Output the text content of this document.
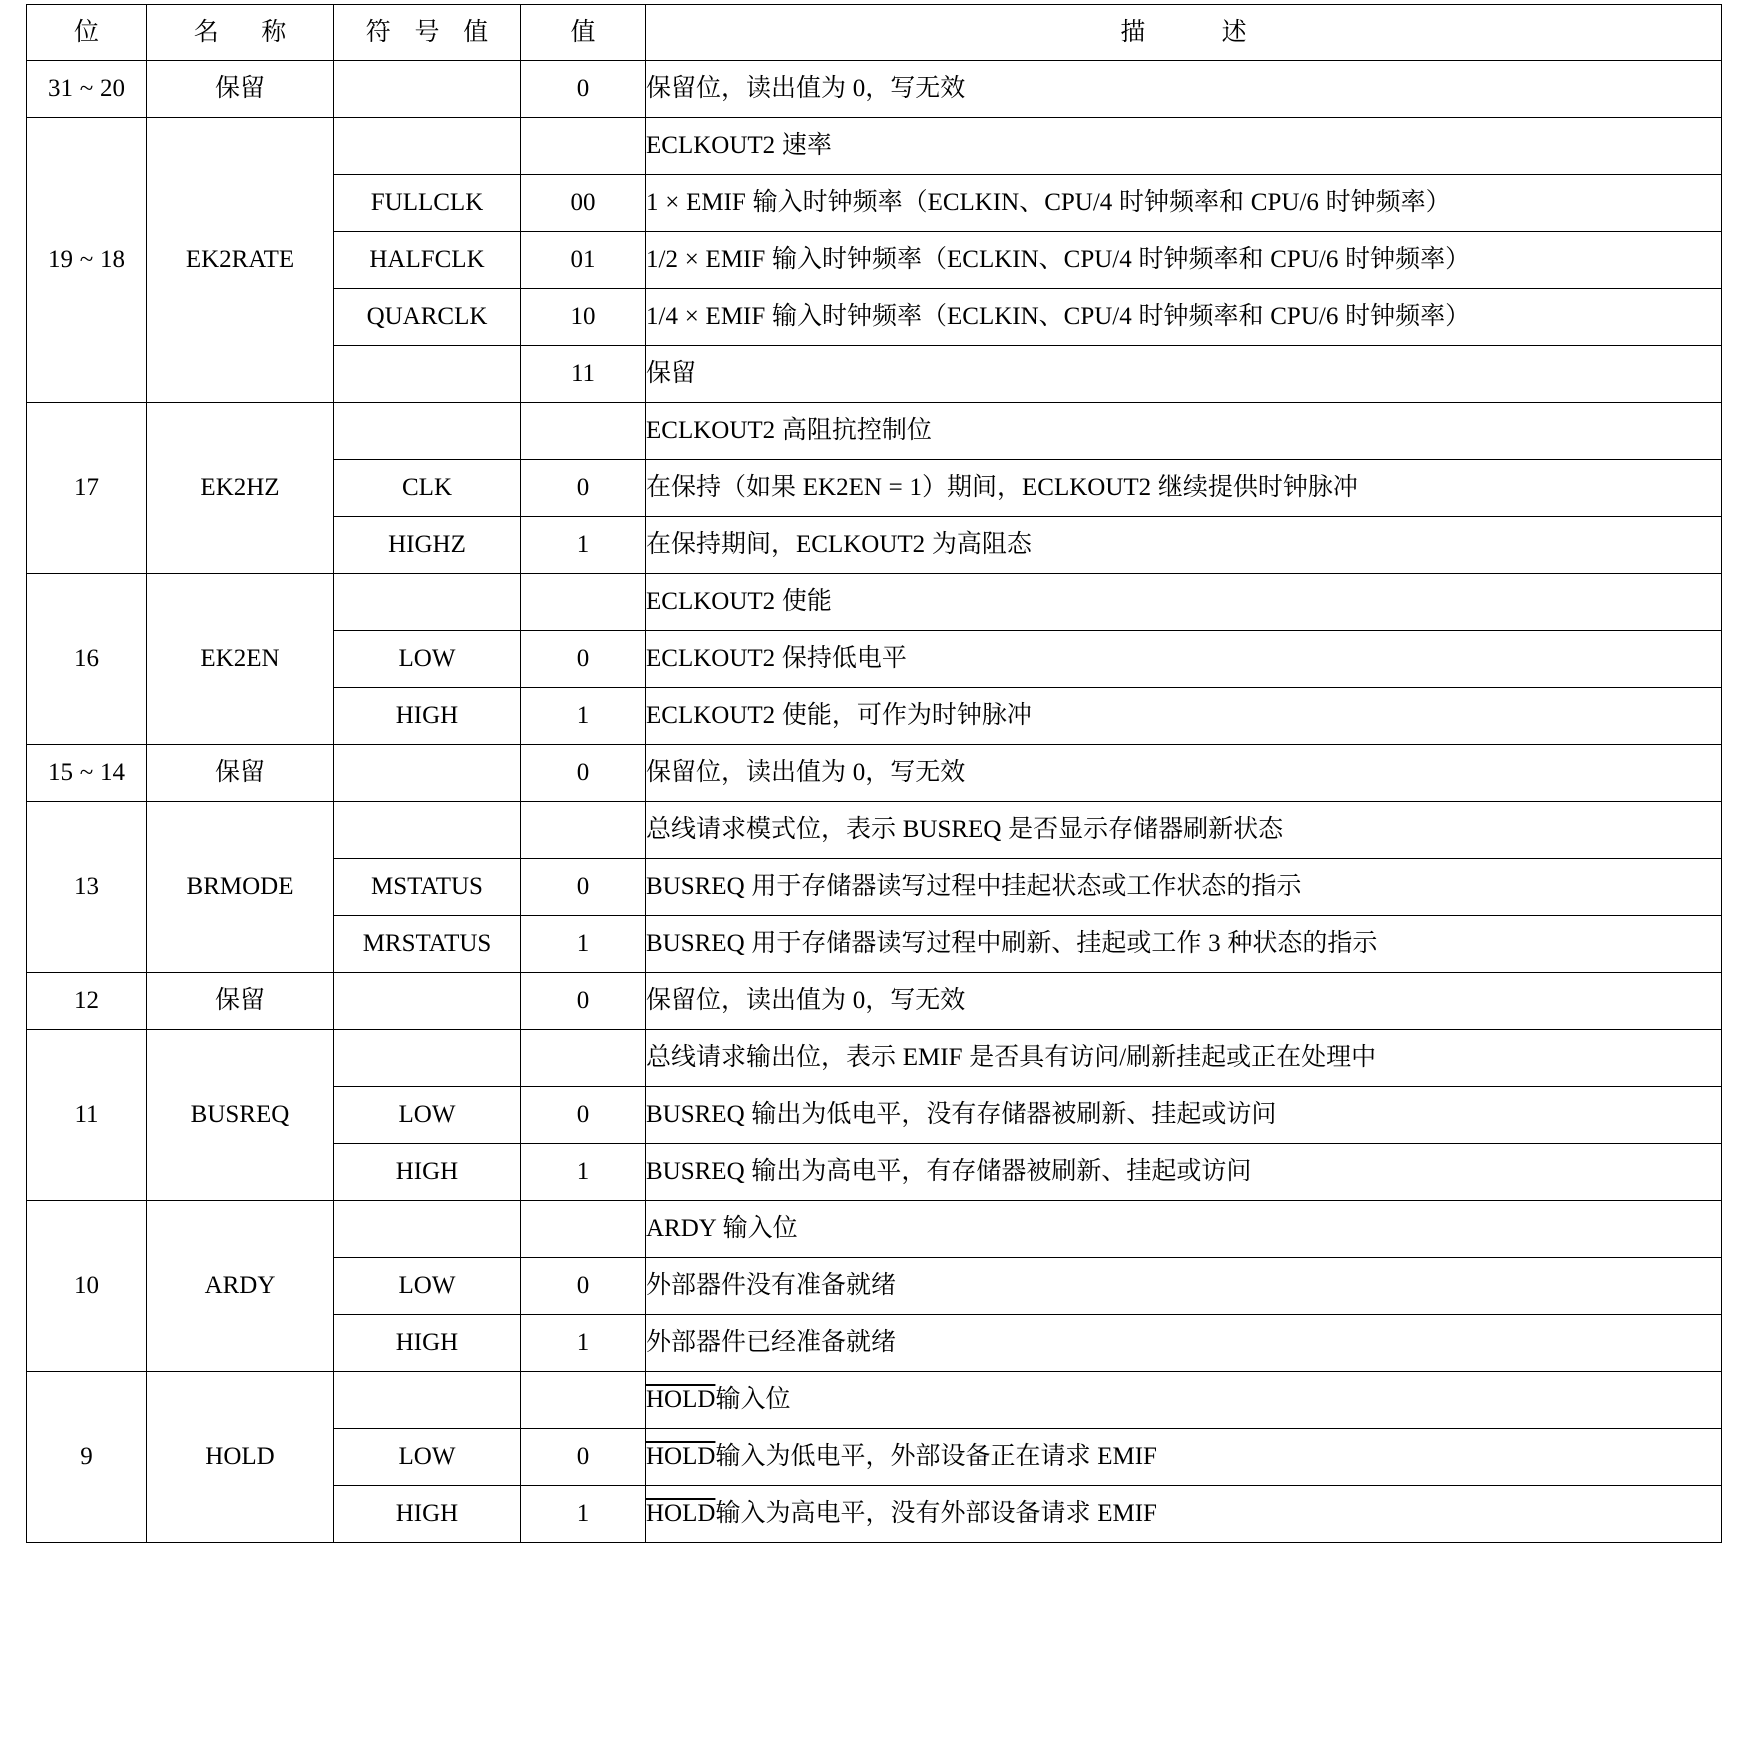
位	名　称	符 号 值	值	描　　述
31 ~ 20	保留		0	保留位，读出值为 0，写无效
19 ~ 18	EK2RATE			ECLKOUT2 速率
		FULLCLK	00	1 × EMIF 输入时钟频率（ECLKIN、CPU/4 时钟频率和 CPU/6 时钟频率）
		HALFCLK	01	1/2 × EMIF 输入时钟频率（ECLKIN、CPU/4 时钟频率和 CPU/6 时钟频率）
		QUARCLK	10	1/4 × EMIF 输入时钟频率（ECLKIN、CPU/4 时钟频率和 CPU/6 时钟频率）
			11	保留
17	EK2HZ			ECLKOUT2 高阻抗控制位
		CLK	0	在保持（如果 EK2EN = 1）期间，ECLKOUT2 继续提供时钟脉冲
		HIGHZ	1	在保持期间，ECLKOUT2 为高阻态
16	EK2EN			ECLKOUT2 使能
		LOW	0	ECLKOUT2 保持低电平
		HIGH	1	ECLKOUT2 使能，可作为时钟脉冲
15 ~ 14	保留		0	保留位，读出值为 0，写无效
13	BRMODE			总线请求模式位，表示 BUSREQ 是否显示存储器刷新状态
		MSTATUS	0	BUSREQ 用于存储器读写过程中挂起状态或工作状态的指示
		MRSTATUS	1	BUSREQ 用于存储器读写过程中刷新、挂起或工作 3 种状态的指示
12	保留		0	保留位，读出值为 0，写无效
11	BUSREQ			总线请求输出位，表示 EMIF 是否具有访问/刷新挂起或正在处理中
		LOW	0	BUSREQ 输出为低电平，没有存储器被刷新、挂起或访问
		HIGH	1	BUSREQ 输出为高电平，有存储器被刷新、挂起或访问
10	ARDY			ARDY 输入位
		LOW	0	外部器件没有准备就绪
		HIGH	1	外部器件已经准备就绪
9	HOLD			HOLD输入位
		LOW	0	HOLD输入为低电平，外部设备正在请求 EMIF
		HIGH	1	HOLD输入为高电平，没有外部设备请求 EMIF
